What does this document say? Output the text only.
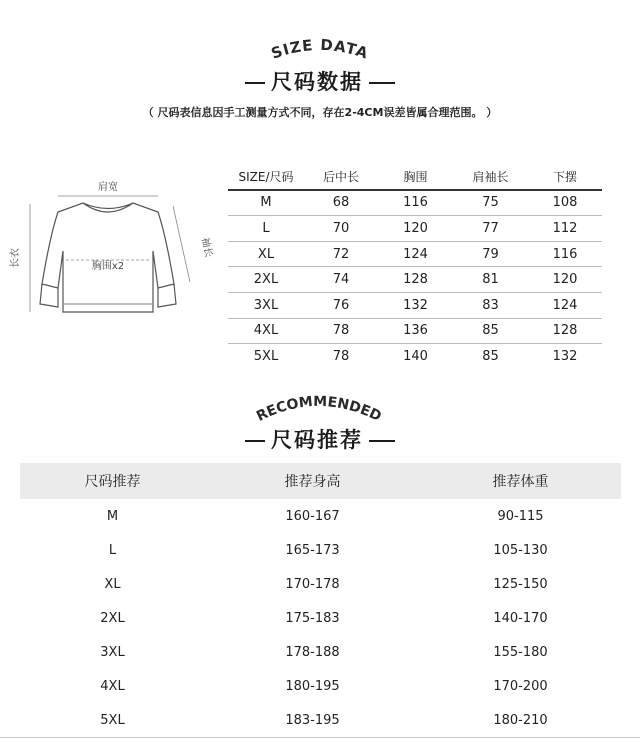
SIZE DATA
尺码数据
（ 尺码表信息因手工测量方式不同，存在2-4CM误差皆属合理范围。 ）
肩宽
长衣	袖长
胸围x2
SIZE/尺码	后中长	胸围	肩袖长	下摆
M	68	116	75	108
L	70	120	77	112
XL	72	124	79	116
2XL	74	128	81	120
3XL	76	132	83	124
4XL	78	136	85	128
5XL	78	140	85	132
RECOMMENDED
尺码推荐
尺码推荐	推荐身高	推荐体重
M	160-167	90-115
L	165-173	105-130
XL	170-178	125-150
2XL	175-183	140-170
3XL	178-188	155-180
4XL	180-195	170-200
5XL	183-195	180-210
